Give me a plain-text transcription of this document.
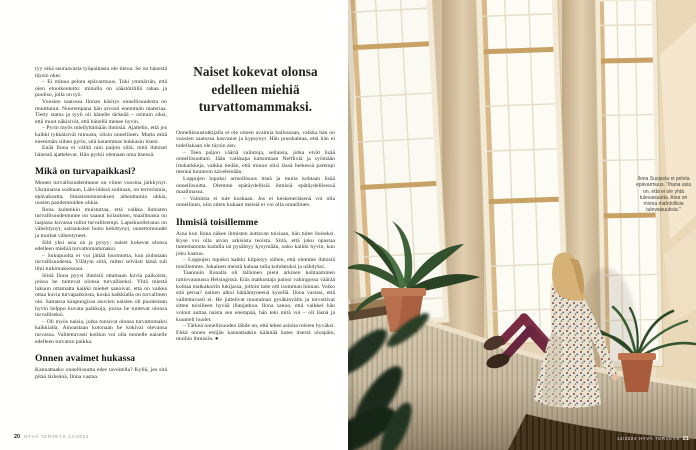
ryy eikä seuraavasta työpaikasta ole tietoa. Se on hänestä täysin okei.

– Ei minua pelota epävarmuus. Toki ymmärrän, että olen etuoikeutettu: minulla on säästötilillä rahaa ja puoliso, jolla on työ.

Vuosien saatossa Ilonan käsitys onnellisuudesta on muuttunut. Nuorempana hän arvosti enemmän materiaa. Tietty status ja tyyli oli hänelle tärkeää – osittain siksi, että muut näkisivät, että hänellä menee hyvin.

– Pyrin myös miellyttämään ihmisiä. Ajattelin, että jos kaikki tykkäisivät minusta, olisin onnellinen. Mutta mitä enemmän siihen pyrin, sitä kauemmas hukkasin itseni.

Enää Ilona ei välitä niin paljon siitä, mitä ihmiset hänestä ajattelevat. Hän pyrkii olemaan oma itsensä.

Mikä on turvapaikkasi?

Monen turvallisuudentunne on viime vuosina järkkynyt. Ukrainassa soditaan, Lähi-idässä soditaan, on terrorismia, epävakautta, ilmastonmuutoksen aiheuttamia uhkia, uusien pandemioiden uhkia.

Ilona kuitenkin muistuttaa, että vaikka ihmisten turvallisuudentunne on saanut kolauksen, maailmasta on laajassa kuvassa tullut turvallisempi. Lapsikuolleisuus on vähentynyt, sairauksien hoito kehittynyt, onnettomuudet ja murhat vähentyneet.

Silti yksi asia on ja pysyy: naiset kokevat olonsa edelleen miehiä turvattomammaksi.

– Sukupuolta ei voi jättää huomiotta, kun puhutaan turvallisuudesta. Yllätyin siitä, miten selvästi tämä tuli ilmi tutkimuksessani.

Siinä Ilona pyysi ihmisiä ottamaan kuvia paikoista, joissa he tuntevat olonsa turvalliseksi. Yhtä miestä lukuun ottamatta kaikki miehet sanoivat, että on vaikea ottaa kuvia turvapaikoista, koska kaikkialla on turvallinen olo. Samassa kaupungissa asuvien naisten oli puolestaan hyvin helppo kuvata paikkoja, joissa he tuntevat olonsa turvalliseksi.

– Oli myös naisia, jotka tunsivat olonsa turvattomaksi kaikkialla. Ainoastaan kotonaan he kokivat olevansa turvassa. Valitettavasti kotikin voi olla monelle naiselle edelleen turvaton paikka.

Onnen avaimet hukassa

Kannattaako onnellisuutta edes tavoitella? Kyllä, jos sitä pitää tärkeänä, Ilona vastaa.

Naiset kokevat olonsa edelleen miehiä turvattomammaksi.

Onnellisuustutkijalla ei ole onnen avaimia hallussaan, vaikka hän on vuosien saatossa kasvanut ja kypsynyt. Hän puuskahtaa, että hän ei todellakaan ole täysin zen.

– Teen paljon vääriä valintoja, sellaisia, jotka eivät lisää onnellisuuttani. Jään vaikkapa katsomaan Netflixiä ja syömään irtokarkkeja, vaikka tiedän, että minun olisi tässä hetkessä parempi mennä luontoon kävelemään.

Loppujen lopuksi armollisuus itseä ja muita kohtaan lisää onnellisuutta. Olemme epätäydellisiä ihmisiä epätäydellisessä maailmassa.

– Valmista ei tule koskaan. Jos ei keskeneräisenä voi olla onnellinen, niin sitten kukaan meistä ei voi olla onnellinen.

Ihmisiä toisillemme

Aina kun Ilona näkee ihmisten auttavan toisiaan, hän tulee iloiseksi. Kyse voi olla aivan arkisista teoista. Siitä, että joku opastaa tuntematonta kadulla tai pysähtyy kysymään, onko kaikki hyvin, kun joku kaatuu.

– Loppujen lopuksi kaikki kilpistyy siihen, että olemme ihmisiä toisillemme. Jokainen meistä haluaa tulla kohdatuksi ja nähdyksi.

Taannoin Ilonalla oli tällainen pieni arkinen kohtaaminen raitiovaunussa Helsingissä. Eräs matkustaja painoi vahingossa väärää kohtaa matkakortin lukijassa, jolloin laite otti isomman hinnan. Voiko sitä perua? nainen alkoi hätääntyneenä kysellä. Ilona vastasi, että valitettavasti ei. He juttelivat muutaman pysäkinvälin ja toivottivat sitten toisilleen hyvää illanjatkoa. Ilona sanoo, että vaikkei hän voinut auttaa naista sen enempää, hän teki mitä voi – oli läsnä ja kuunteli huolet.

– Tärkeä onnellisuuden lähde on, että tekee asioita toisten hyväksi. Ehkä onnen etsijän kannattaakin kääntää katse itsestä ulospäin, muihin ihmisiin. ●

20 HYVÄ TERVEYS 14/2024
Ilona Suojasta ei pelota epävarmuus. ”Ihana asia on, että ei ole yhtä tulevaisuutta. Aina on monia mahdollisia tulevaisuuksia.”
14/2024 HYVÄ TERVEYS 21
